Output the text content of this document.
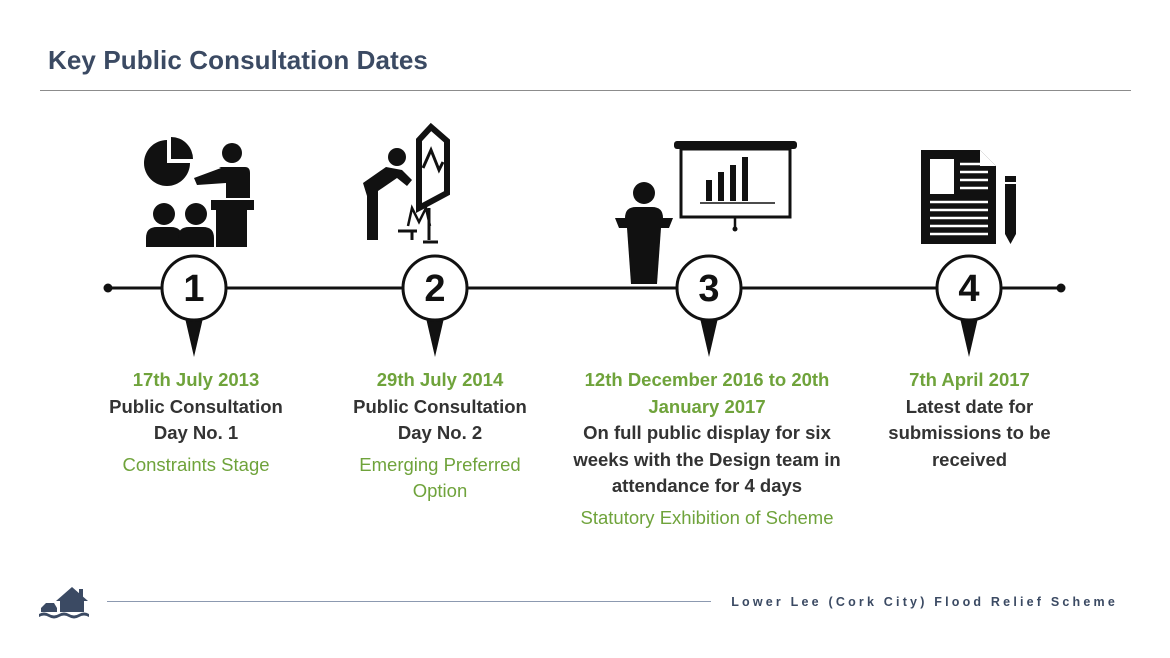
Key Public Consultation Dates
1	2	3	4
17th July 2013
Public Consultation Day No. 1
Constraints Stage
29th July 2014
Public Consultation Day No. 2
Emerging Preferred Option
12th December 2016 to 20th January 2017
On full public display for six weeks with the Design team in attendance for 4 days
Statutory Exhibition of Scheme
7th April 2017
Latest date for submissions to be received
Lower Lee (Cork City) Flood Relief Scheme
